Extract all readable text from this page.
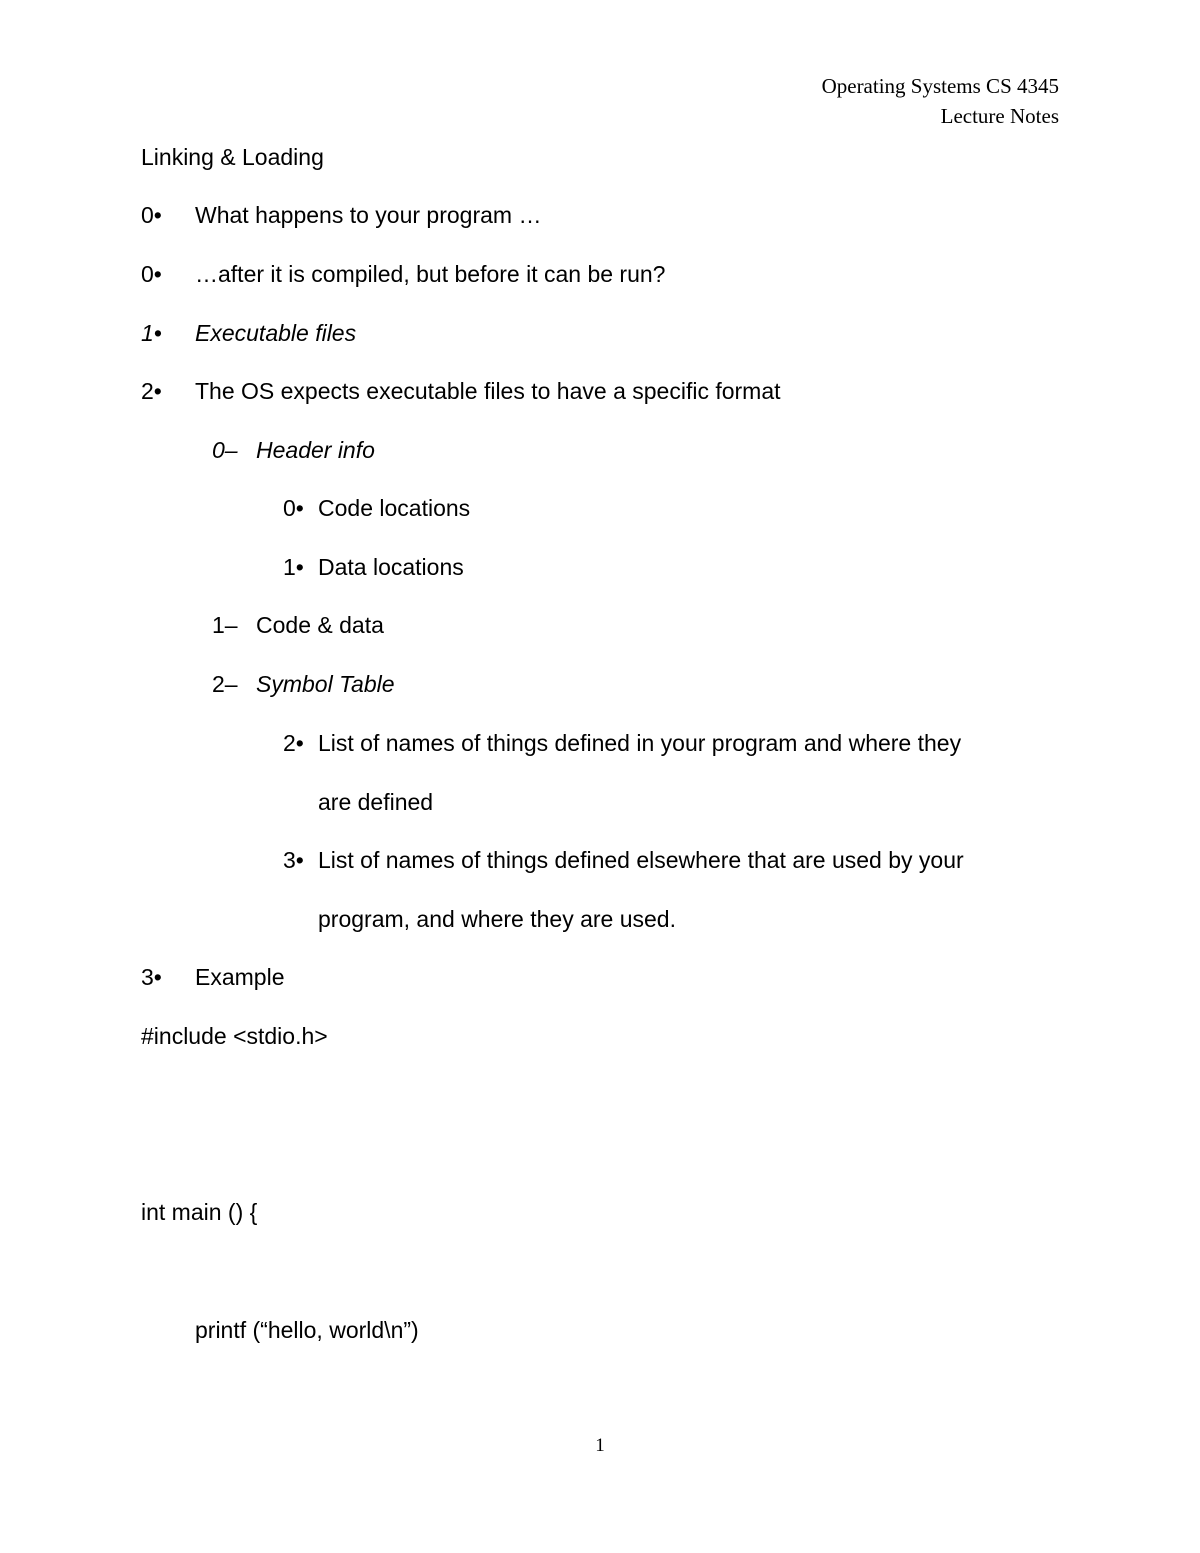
Operating Systems CS 4345
Lecture Notes
Linking & Loading
0• What happens to your program …
0• …after it is compiled, but before it can be run?
1• Executable files
2• The OS expects executable files to have a specific format
0– Header info
0• Code locations
1• Data locations
1– Code & data
2– Symbol Table
2• List of names of things defined in your program and where they
are defined
3• List of names of things defined elsewhere that are used by your
program, and where they are used.
3• Example
#include <stdio.h>
int main () {
printf (“hello, world\n”)
1
